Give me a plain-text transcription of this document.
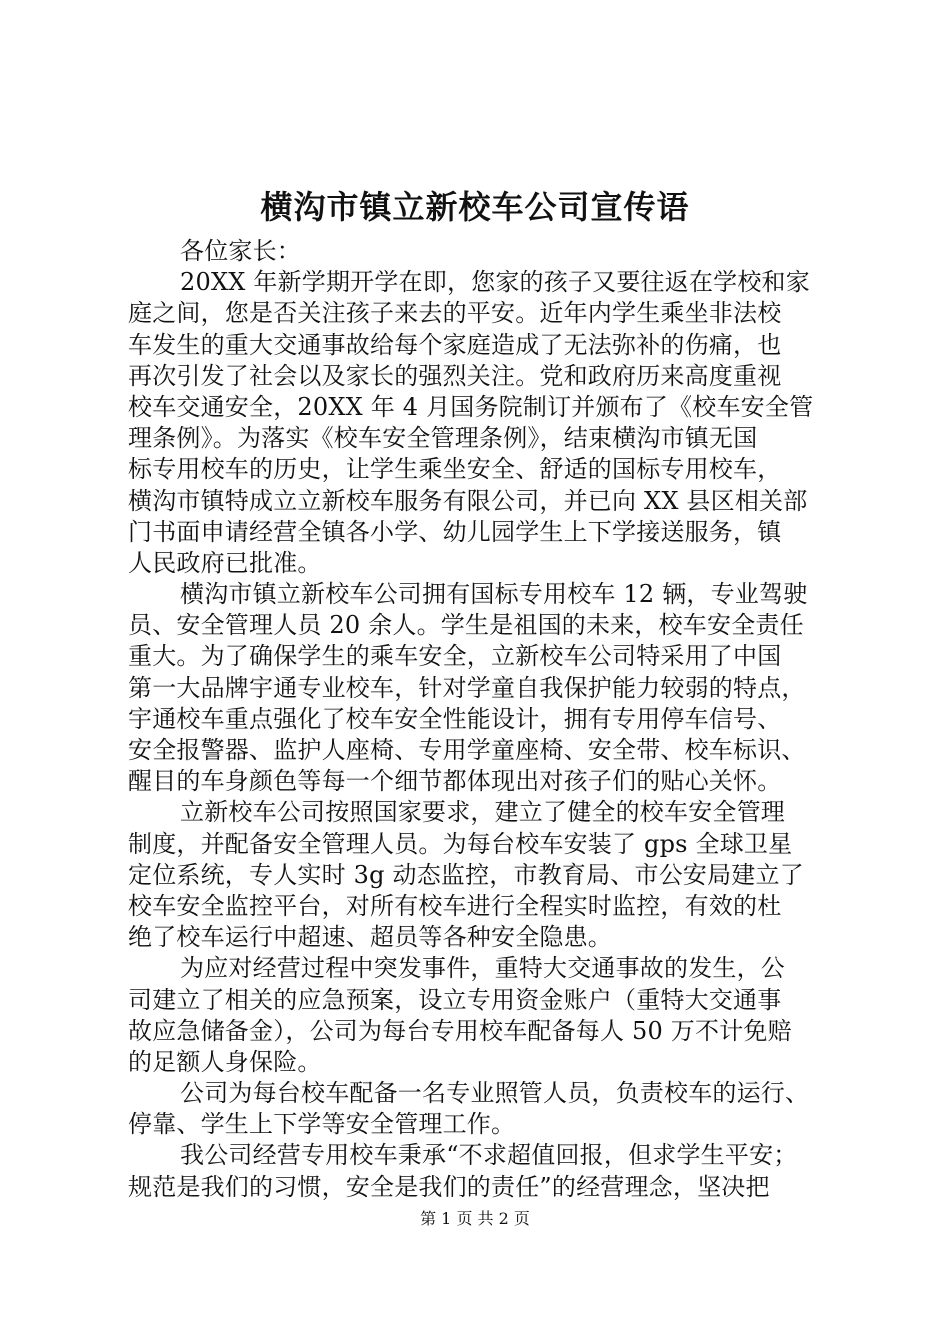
横沟市镇立新校车公司宣传语
各位家长：
20XX 年新学期开学在即，您家的孩子又要往返在学校和家
庭之间，您是否关注孩子来去的平安。近年内学生乘坐非法校
车发生的重大交通事故给每个家庭造成了无法弥补的伤痛，也
再次引发了社会以及家长的强烈关注。党和政府历来高度重视
校车交通安全，20XX 年 4 月国务院制订并颁布了《校车安全管
理条例》。为落实《校车安全管理条例》，结束横沟市镇无国
标专用校车的历史，让学生乘坐安全、舒适的国标专用校车，
横沟市镇特成立立新校车服务有限公司，并已向 XX 县区相关部
门书面申请经营全镇各小学、幼儿园学生上下学接送服务，镇
人民政府已批准。
横沟市镇立新校车公司拥有国标专用校车 12 辆，专业驾驶
员、安全管理人员 20 余人。学生是祖国的未来，校车安全责任
重大。为了确保学生的乘车安全，立新校车公司特采用了中国
第一大品牌宇通专业校车，针对学童自我保护能力较弱的特点，
宇通校车重点强化了校车安全性能设计，拥有专用停车信号、
安全报警器、监护人座椅、专用学童座椅、安全带、校车标识、
醒目的车身颜色等每一个细节都体现出对孩子们的贴心关怀。
立新校车公司按照国家要求，建立了健全的校车安全管理
制度，并配备安全管理人员。为每台校车安装了 gps 全球卫星
定位系统，专人实时 3g 动态监控，市教育局、市公安局建立了
校车安全监控平台，对所有校车进行全程实时监控，有效的杜
绝了校车运行中超速、超员等各种安全隐患。
为应对经营过程中突发事件，重特大交通事故的发生，公
司建立了相关的应急预案，设立专用资金账户（重特大交通事
故应急储备金），公司为每台专用校车配备每人 50 万不计免赔
的足额人身保险。
公司为每台校车配备一名专业照管人员，负责校车的运行、
停靠、学生上下学等安全管理工作。
我公司经营专用校车秉承“不求超值回报，但求学生平安；
规范是我们的习惯，安全是我们的责任”的经营理念，坚决把
第 1 页 共 2 页
